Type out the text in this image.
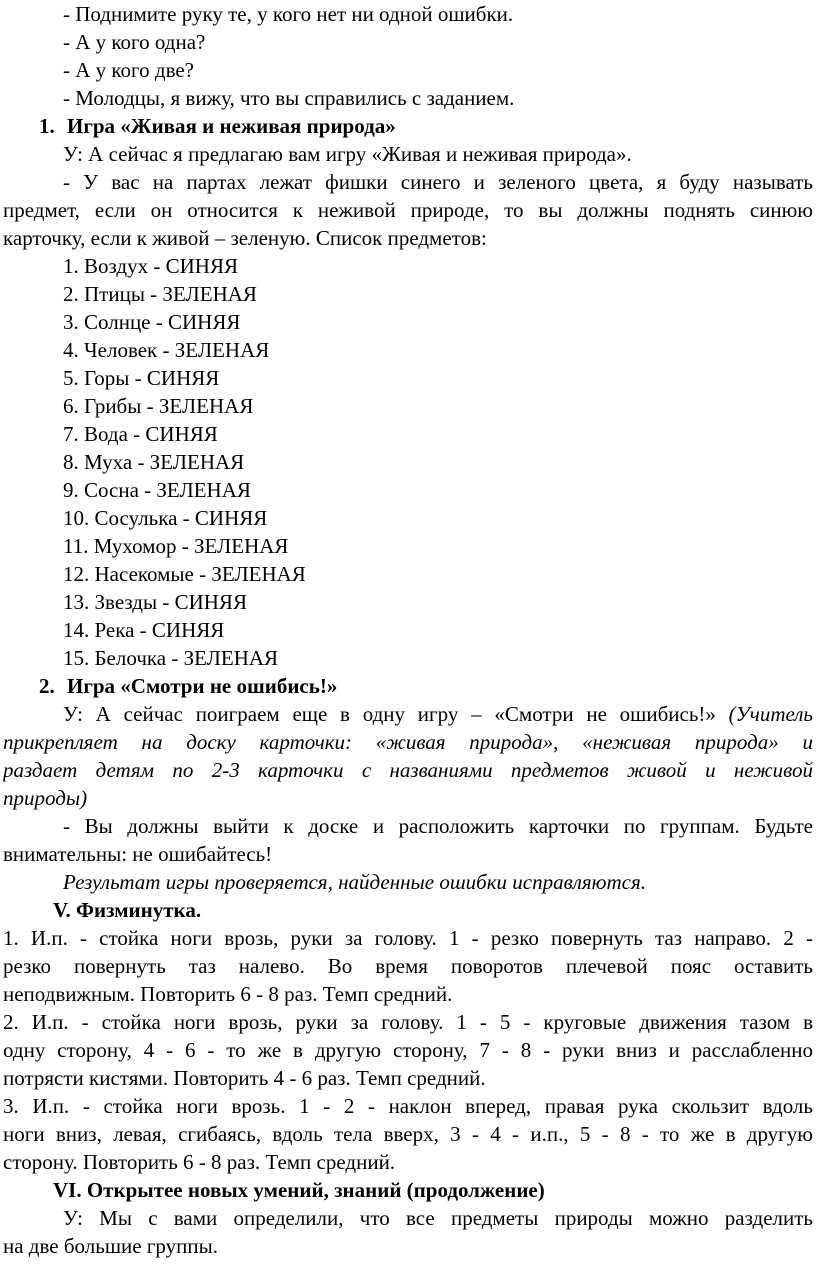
- Поднимите руку те, у кого нет ни одной ошибки.
- А у кого одна?
- А у кого две?
- Молодцы, я вижу, что вы справились с заданием.
1. Игра «Живая и неживая природа»
У: А сейчас я предлагаю вам игру «Живая и неживая природа».
- У вас на партах лежат фишки синего и зеленого цвета, я буду называть
предмет, если он относится к неживой природе, то вы должны поднять синюю
карточку, если к живой – зеленую. Список предметов:
1. Воздух - СИНЯЯ
2. Птицы - ЗЕЛЕНАЯ
3. Солнце - СИНЯЯ
4. Человек - ЗЕЛЕНАЯ
5. Горы - СИНЯЯ
6. Грибы - ЗЕЛЕНАЯ
7. Вода - СИНЯЯ
8. Муха - ЗЕЛЕНАЯ
9. Сосна - ЗЕЛЕНАЯ
10. Сосулька - СИНЯЯ
11. Мухомор - ЗЕЛЕНАЯ
12. Насекомые - ЗЕЛЕНАЯ
13. Звезды - СИНЯЯ
14. Река - СИНЯЯ
15. Белочка - ЗЕЛЕНАЯ
2. Игра «Смотри не ошибись!»
У: А сейчас поиграем еще в одну игру – «Смотри не ошибись!» (Учитель
прикрепляет на доску карточки: «живая природа», «неживая природа» и
раздает детям по 2-3 карточки с названиями предметов живой и неживой
природы)
- Вы должны выйти к доске и расположить карточки по группам. Будьте
внимательны: не ошибайтесь!
Результат игры проверяется, найденные ошибки исправляются.
V. Физминутка.
1. И.п. - стойка ноги врозь, руки за голову. 1 - резко повернуть таз направо. 2 -
резко повернуть таз налево. Во время поворотов плечевой пояс оставить
неподвижным. Повторить 6 - 8 раз. Темп средний.
2. И.п. - стойка ноги врозь, руки за голову. 1 - 5 - круговые движения тазом в
одну сторону, 4 - 6 - то же в другую сторону, 7 - 8 - руки вниз и расслабленно
потрясти кистями. Повторить 4 - 6 раз. Темп средний.
3. И.п. - стойка ноги врозь. 1 - 2 - наклон вперед, правая рука скользит вдоль
ноги вниз, левая, сгибаясь, вдоль тела вверх, 3 - 4 - и.п., 5 - 8 - то же в другую
сторону. Повторить 6 - 8 раз. Темп средний.
VI. Открытее новых умений, знаний (продолжение)
У: Мы с вами определили, что все предметы природы можно разделить
на две большие группы.
